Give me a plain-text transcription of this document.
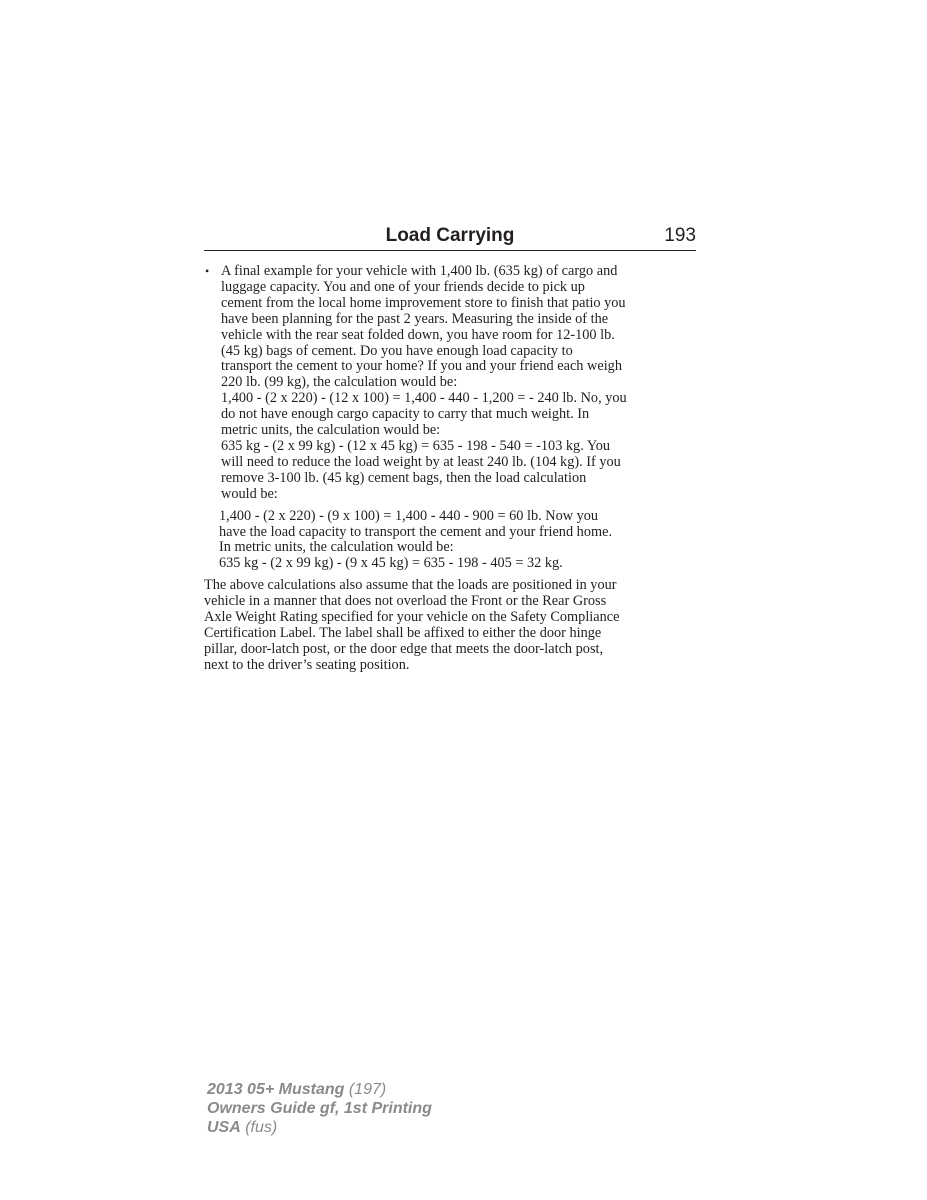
Load Carrying	193
• A final example for your vehicle with 1,400 lb. (635 kg) of cargo and
luggage capacity. You and one of your friends decide to pick up
cement from the local home improvement store to finish that patio you
have been planning for the past 2 years. Measuring the inside of the
vehicle with the rear seat folded down, you have room for 12-100 lb.
(45 kg) bags of cement. Do you have enough load capacity to
transport the cement to your home? If you and your friend each weigh
220 lb. (99 kg), the calculation would be:
1,400 - (2 x 220) - (12 x 100) = 1,400 - 440 - 1,200 = - 240 lb. No, you
do not have enough cargo capacity to carry that much weight. In
metric units, the calculation would be:
635 kg - (2 x 99 kg) - (12 x 45 kg) = 635 - 198 - 540 = -103 kg. You
will need to reduce the load weight by at least 240 lb. (104 kg). If you
remove 3-100 lb. (45 kg) cement bags, then the load calculation
would be:
1,400 - (2 x 220) - (9 x 100) = 1,400 - 440 - 900 = 60 lb. Now you
have the load capacity to transport the cement and your friend home.
In metric units, the calculation would be:
635 kg - (2 x 99 kg) - (9 x 45 kg) = 635 - 198 - 405 = 32 kg.
The above calculations also assume that the loads are positioned in your
vehicle in a manner that does not overload the Front or the Rear Gross
Axle Weight Rating specified for your vehicle on the Safety Compliance
Certification Label. The label shall be affixed to either the door hinge
pillar, door-latch post, or the door edge that meets the door-latch post,
next to the driver’s seating position.
2013 05+ Mustang (197)
Owners Guide gf, 1st Printing
USA (fus)
